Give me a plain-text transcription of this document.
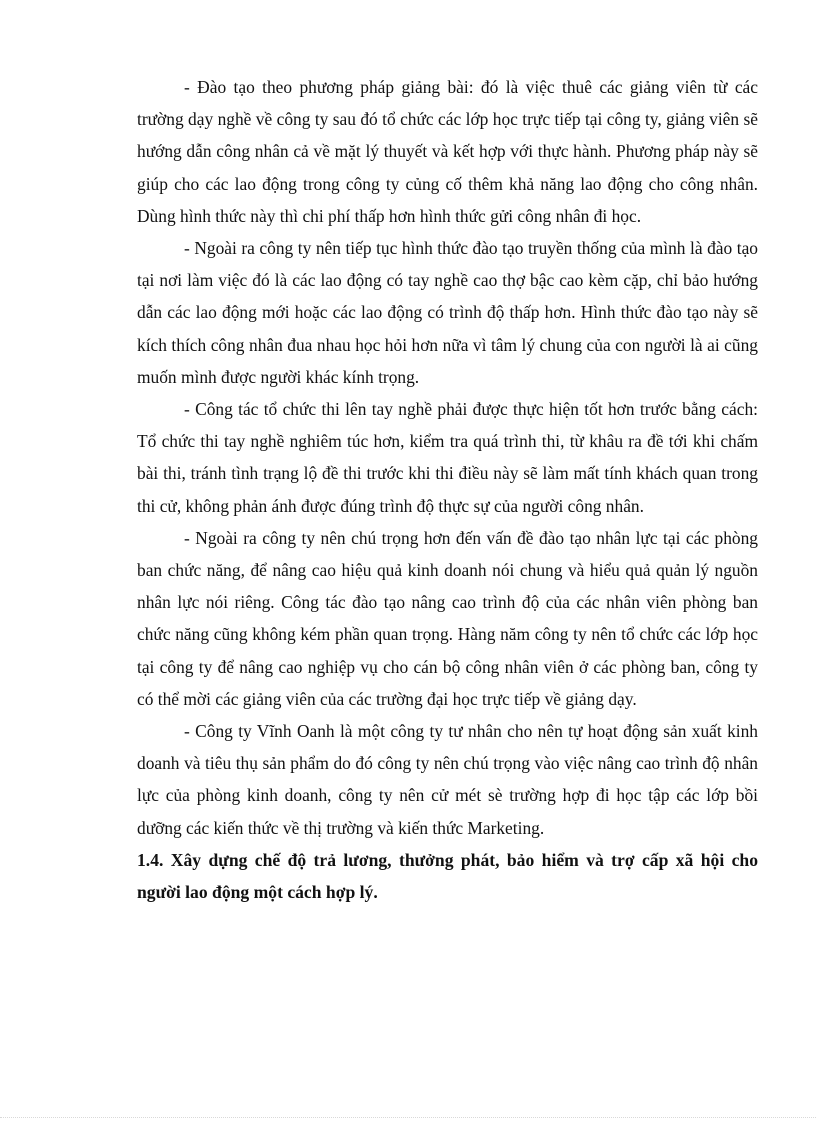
- Đào tạo theo phương pháp giảng bài: đó là việc thuê các giảng viên từ các trường dạy nghề về công ty sau đó tổ chức các lớp học trực tiếp tại công ty, giảng viên sẽ hướng dẫn công nhân cả về mặt lý thuyết và kết hợp với thực hành. Phương pháp này sẽ giúp cho các lao động trong công ty củng cố thêm khả năng lao động cho công nhân. Dùng hình thức này thì chi phí thấp hơn hình thức gửi công nhân đi học.

- Ngoài ra công ty nên tiếp tục hình thức đào tạo truyền thống của mình là đào tạo tại nơi làm việc đó là các lao động có tay nghề cao thợ bậc cao kèm cặp, chỉ bảo hướng dẫn các lao động mới hoặc các lao động có trình độ thấp hơn. Hình thức đào tạo này sẽ kích thích công nhân đua nhau học hỏi hơn nữa vì tâm lý chung của con người là ai cũng muốn mình được người khác kính trọng.

- Công tác tổ chức thi lên tay nghề phải được thực hiện tốt hơn trước bằng cách: Tổ chức thi tay nghề nghiêm túc hơn, kiểm tra quá trình thi, từ khâu ra đề tới khi chấm bài thi, tránh tình trạng lộ đề thi trước khi thi điều này sẽ làm mất tính khách quan trong thi cử, không phản ánh được đúng trình độ thực sự của người công nhân.

- Ngoài ra công ty nên chú trọng hơn đến vấn đề đào tạo nhân lực tại các phòng ban chức năng, để nâng cao hiệu quả kinh doanh nói chung và hiểu quả quản lý nguồn nhân lực nói riêng. Công tác đào tạo nâng cao trình độ của các nhân viên phòng ban chức năng cũng không kém phần quan trọng. Hàng năm công ty nên tổ chức các lớp học tại công ty để nâng cao nghiệp vụ cho cán bộ công nhân viên ở các phòng ban, công ty có thể mời các giảng viên của các trường đại học trực tiếp về giảng dạy.

- Công ty Vĩnh Oanh là một công ty tư nhân cho nên tự hoạt động sản xuất kinh doanh và tiêu thụ sản phẩm do đó công ty nên chú trọng vào việc nâng cao trình độ nhân lực của phòng kinh doanh, công ty nên cử mét sè trường hợp đi học tập các lớp bồi dưỡng các kiến thức về thị trường và kiến thức Marketing.

1.4. Xây dựng chế độ trả lương, thưởng phát, bảo hiểm và trợ cấp xã hội cho người lao động một cách hợp lý.
